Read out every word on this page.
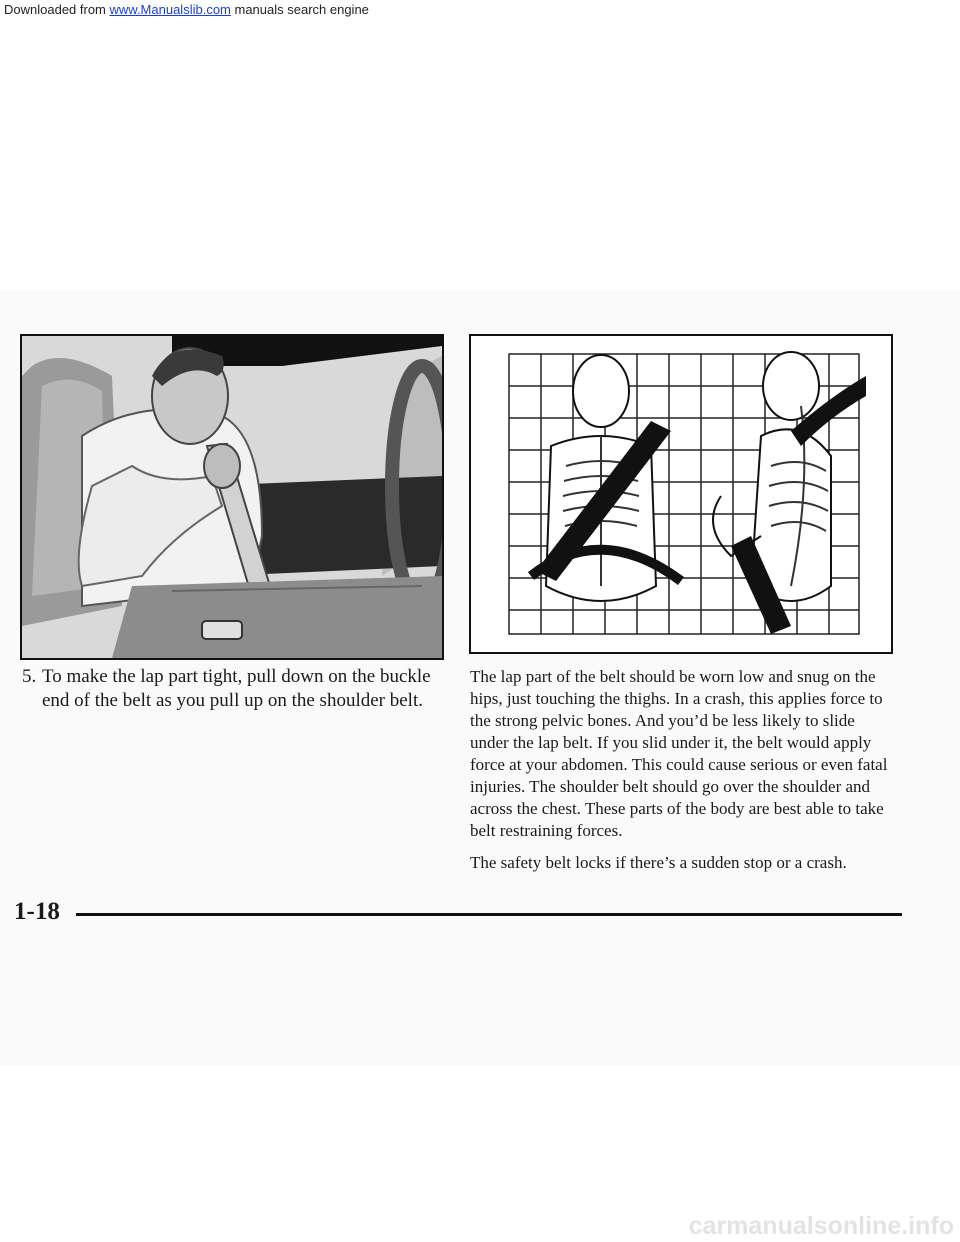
Downloaded from www.Manualslib.com manuals search engine
5. To make the lap part tight, pull down on the buckle end of the belt as you pull up on the shoulder belt.

The lap part of the belt should be worn low and snug on the hips, just touching the thighs. In a crash, this applies force to the strong pelvic bones. And you’d be less likely to slide under the lap belt. If you slid under it, the belt would apply force at your abdomen. This could cause serious or even fatal injuries. The shoulder belt should go over the shoulder and across the chest. These parts of the body are best able to take belt restraining forces.

The safety belt locks if there’s a sudden stop or a crash.

1-18
carmanualsonline.info
